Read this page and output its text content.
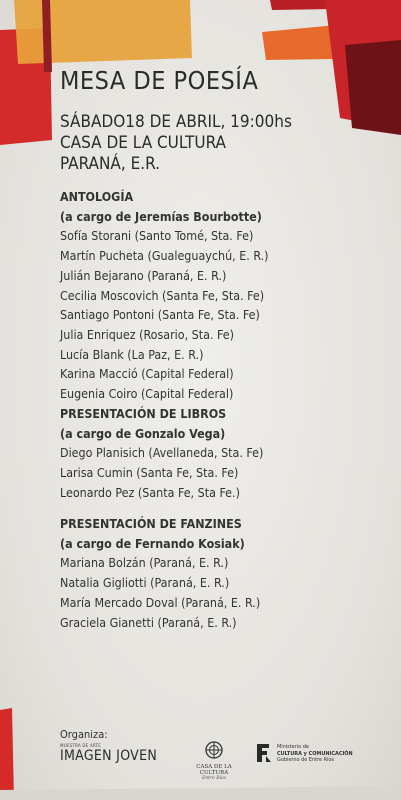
MESA DE POESÍA
SÁBADO18 DE ABRIL, 19:00hs
CASA DE LA CULTURA
PARANÁ, E.R.
ANTOLOGÍA
(a cargo de Jeremías Bourbotte)
Sofía Storani (Santo Tomé, Sta. Fe)
Martín Pucheta (Gualeguaychú, E. R.)
Julián Bejarano (Paraná, E. R.)
Cecilia Moscovich (Santa Fe, Sta. Fe)
Santiago Pontoni (Santa Fe, Sta. Fe)
Julia Enriquez (Rosario, Sta. Fe)
Lucía Blank (La Paz, E. R.)
Karina Macció (Capital Federal)
Eugenia Coiro (Capital Federal)
PRESENTACIÓN DE LIBROS
(a cargo de Gonzalo Vega)
Diego Planisich (Avellaneda, Sta. Fe)
Larisa Cumin (Santa Fe, Sta. Fe)
Leonardo Pez (Santa Fe, Sta Fe.)
PRESENTACIÓN DE FANZINES
(a cargo de Fernando Kosiak)
Mariana Bolzán (Paraná, E. R.)
Natalia Gigliotti (Paraná, E. R.)
María Mercado Doval (Paraná, E. R.)
Graciela Gianetti (Paraná, E. R.)
Organiza:
MUESTRA DE ARTE
IMAGEN JOVEN
CASA DE LA CULTURA
Entre Ríos
Ministerio de
CULTURA y COMUNICACIÓN
Gobierno de Entre Ríos
